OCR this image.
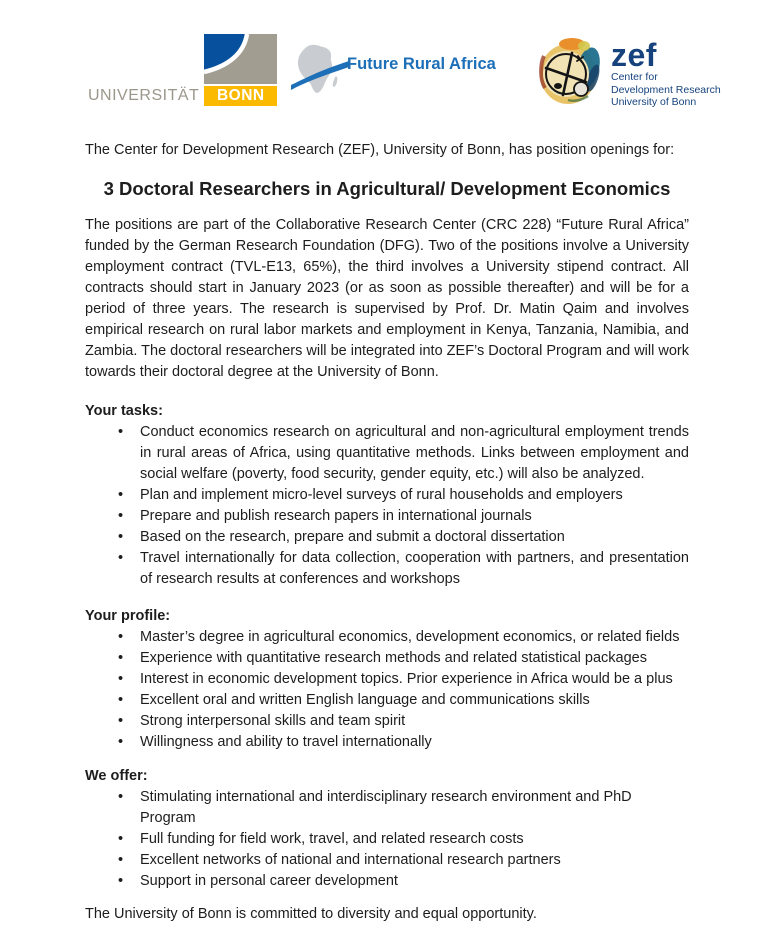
UNIVERSITÄT	BONN
Future Rural Africa	zef
Center for
Development Research
University of Bonn

The Center for Development Research (ZEF), University of Bonn, has position openings for:

3 Doctoral Researchers in Agricultural/ Development Economics

The positions are part of the Collaborative Research Center (CRC 228) “Future Rural Africa” funded by the German Research Foundation (DFG). Two of the positions involve a University employment contract (TVL-E13, 65%), the third involves a University stipend contract. All contracts should start in January 2023 (or as soon as possible thereafter) and will be for a period of three years. The research is supervised by Prof. Dr. Matin Qaim and involves empirical research on rural labor markets and employment in Kenya, Tanzania, Namibia, and Zambia. The doctoral researchers will be integrated into ZEF’s Doctoral Program and will work towards their doctoral degree at the University of Bonn.

Your tasks:
• Conduct economics research on agricultural and non-agricultural employment trends in rural areas of Africa, using quantitative methods. Links between employment and social welfare (poverty, food security, gender equity, etc.) will also be analyzed.
• Plan and implement micro-level surveys of rural households and employers
• Prepare and publish research papers in international journals
• Based on the research, prepare and submit a doctoral dissertation
• Travel internationally for data collection, cooperation with partners, and presentation of research results at conferences and workshops
Your profile:
• Master’s degree in agricultural economics, development economics, or related fields
• Experience with quantitative research methods and related statistical packages
• Interest in economic development topics. Prior experience in Africa would be a plus
• Excellent oral and written English language and communications skills
• Strong interpersonal skills and team spirit
• Willingness and ability to travel internationally
We offer:
• Stimulating international and interdisciplinary research environment and PhD Program
• Full funding for field work, travel, and related research costs
• Excellent networks of national and international research partners
• Support in personal career development

The University of Bonn is committed to diversity and equal opportunity.
